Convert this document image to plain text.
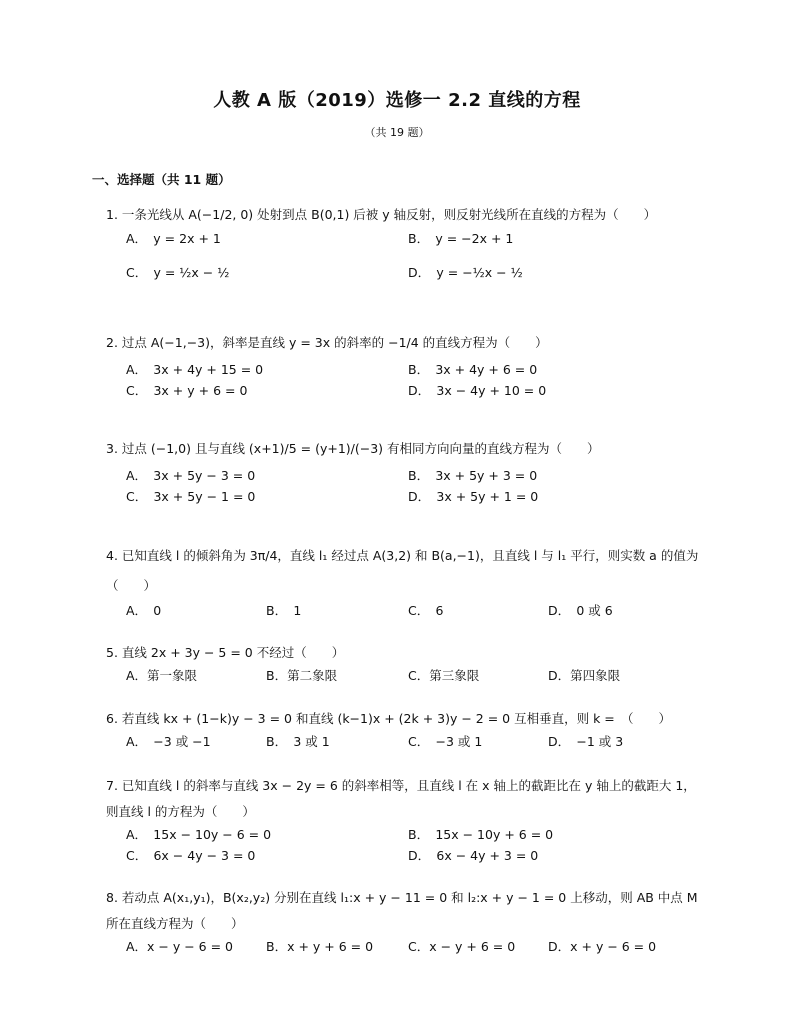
人教 A 版（2019）选修一 2.2 直线的方程
（共 19 题）
一、选择题（共 11 题）
1. 一条光线从 A(−1/2, 0) 处射到点 B(0,1) 后被 y 轴反射，则反射光线所在直线的方程为（　　）
A．　y = 2x + 1	B．　y = −2x + 1
C．　y = ½x − ½	D．　y = −½x − ½
2. 过点 A(−1,−3)，斜率是直线 y = 3x 的斜率的 −1/4 的直线方程为（　　）
A．　3x + 4y + 15 = 0	B．　3x + 4y + 6 = 0
C．　3x + y + 6 = 0	D．　3x − 4y + 10 = 0
3. 过点 (−1,0) 且与直线 (x+1)/5 = (y+1)/(−3) 有相同方向向量的直线方程为（　　）
A．　3x + 5y − 3 = 0	B．　3x + 5y + 3 = 0
C．　3x + 5y − 1 = 0	D．　3x + 5y + 1 = 0
4. 已知直线 l 的倾斜角为 3π/4，直线 l₁ 经过点 A(3,2) 和 B(a,−1)，且直线 l 与 l₁ 平行，则实数 a 的值为（　　）
A．　0	B．　1	C．　6	D．　0 或 6
5. 直线 2x + 3y − 5 = 0 不经过（　　）
A．第一象限	B．第二象限	C．第三象限	D．第四象限
6. 若直线 kx + (1−k)y − 3 = 0 和直线 (k−1)x + (2k + 3)y − 2 = 0 互相垂直，则 k =　（　　）
A．　−3 或 −1	B．　3 或 1	C．　−3 或 1	D．　−1 或 3
7. 已知直线 l 的斜率与直线 3x − 2y = 6 的斜率相等，且直线 l 在 x 轴上的截距比在 y 轴上的截距大 1，则直线 l 的方程为（　　）
A．　15x − 10y − 6 = 0	B．　15x − 10y + 6 = 0
C．　6x − 4y − 3 = 0	D．　6x − 4y + 3 = 0
8. 若动点 A(x₁,y₁)，B(x₂,y₂) 分别在直线 l₁:x + y − 11 = 0 和 l₂:x + y − 1 = 0 上移动，则 AB 中点 M 所在直线方程为（　　）
A．x − y − 6 = 0	B．x + y + 6 = 0	C．x − y + 6 = 0	D．x + y − 6 = 0
